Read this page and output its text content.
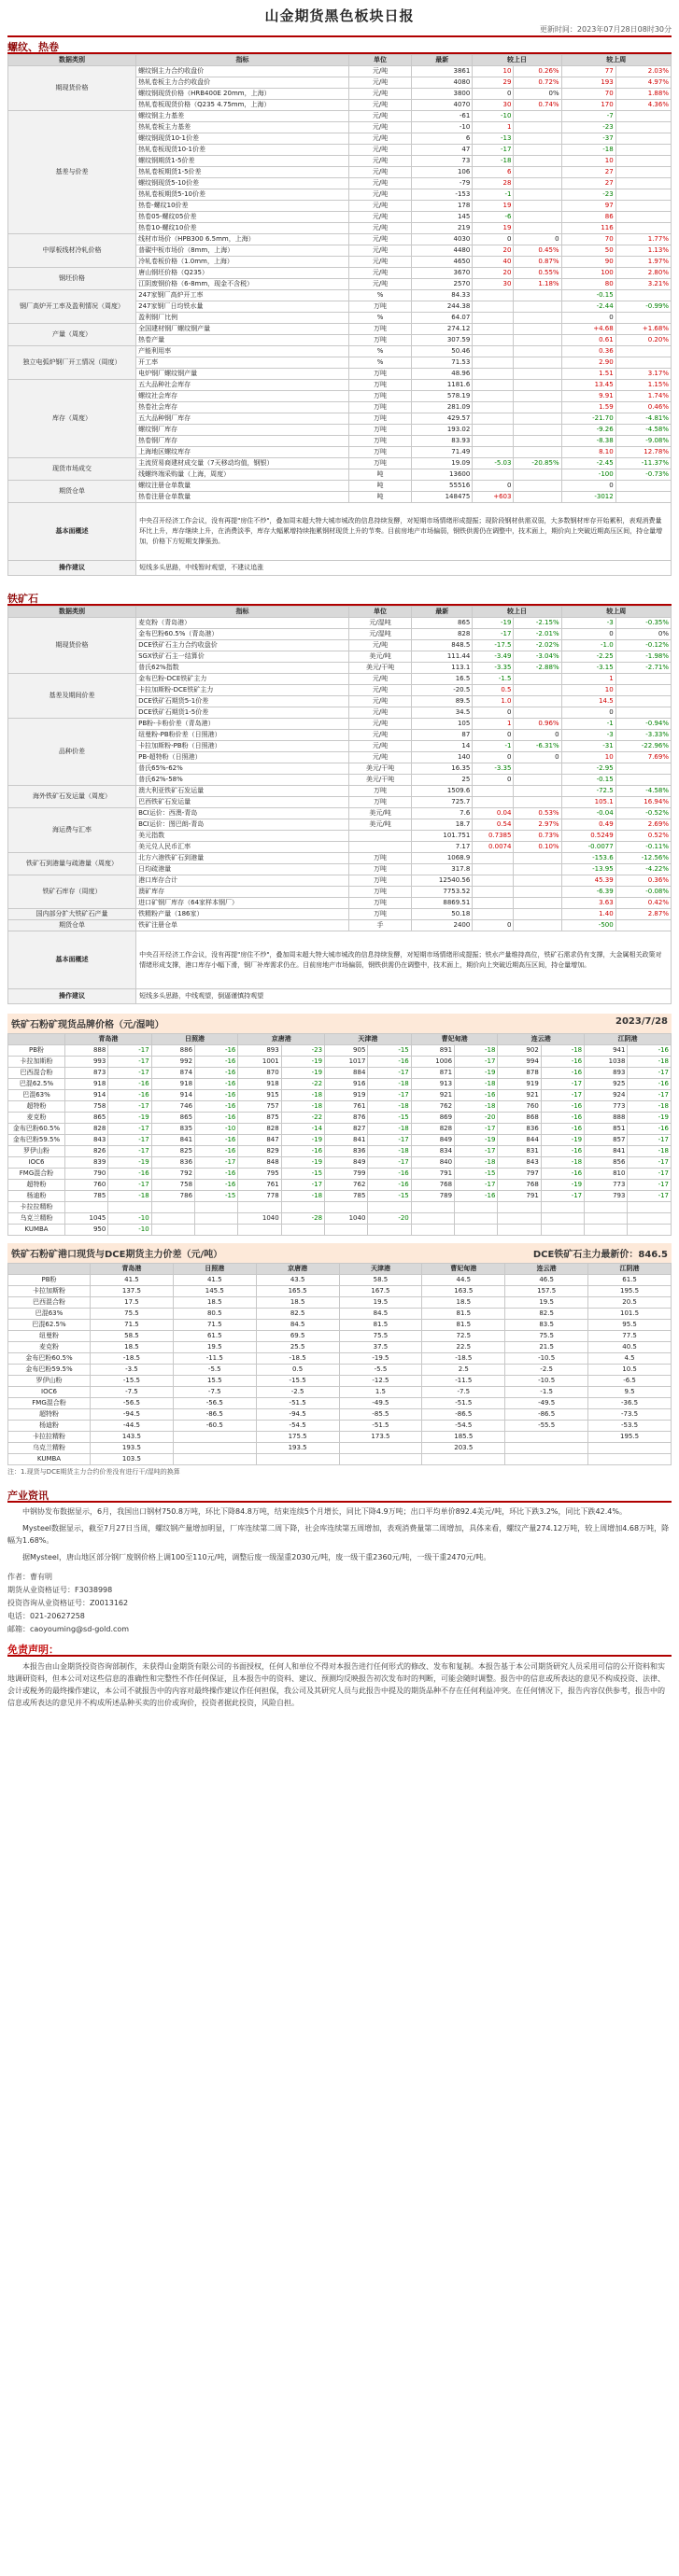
山金期货黑色板块日报
更新时间：2023年07月28日08时30分
螺纹、热卷
数据类别	指标	单位	最新	较上日		较上周	
期现货价格	螺纹钢主力合约收盘价	元/吨	3861	10	0.26%	77	2.03%
	热轧卷板主力合约收盘价	元/吨	4080	29	0.72%	193	4.97%
	螺纹钢现货价格（HRB400E 20mm，上海）	元/吨	3800	0	0%	70	1.88%
	热轧卷板现货价格（Q235 4.75mm，上海）	元/吨	4070	30	0.74%	170	4.36%
基差与价差	螺纹钢主力基差	元/吨	-61	-10		-7	
	热轧卷板主力基差	元/吨	-10	1		-23	
	螺纹钢现货10-1价差	元/吨	6	-13		-37	
	热轧卷板现货10-1价差	元/吨	47	-17		-18	
	螺纹钢期货1-5价差	元/吨	73	-18		10	
	热轧卷板期货1-5价差	元/吨	106	6		27	
	螺纹钢现货5-10价差	元/吨	-79	28		27	
	热轧卷板期货5-10价差	元/吨	-153	-1		-23	
	热卷-螺纹10价差	元/吨	178	19		97	
	热卷05-螺纹05价差	元/吨	145	-6		86	
	热卷10-螺纹10价差	元/吨	219	19		116	
中厚板线材冷轧价格	线材市场价（HPB300 6.5mm，上海）	元/吨	4030	0	0	70	1.77%
	普碳中板市场价（8mm，上海）	元/吨	4480	20	0.45%	50	1.13%
	冷轧卷板价格（1.0mm，上海）	元/吨	4650	40	0.87%	90	1.97%
钢坯价格	唐山钢坯价格（Q235）	元/吨	3670	20	0.55%	100	2.80%
	江阴废钢价格（6-8mm，现金不含税）	元/吨	2570	30	1.18%	80	3.21%
钢厂高炉开工率及盈利情况（周度）	247家钢厂高炉开工率	%	84.33			-0.15	
	247家钢厂日均铁水量	万吨	244.38			-2.44	-0.99%
	盈利钢厂比例	%	64.07			0	
产量（周度）	全国建材钢厂螺纹钢产量	万吨	274.12			+4.68	+1.68%
	热卷产量	万吨	307.59			0.61	0.20%
独立电弧炉钢厂开工情况（周度）	产能利用率	%	50.46			0.36	
	开工率	%	71.53			2.90	
	电炉钢厂螺纹钢产量	万吨	48.96			1.51	3.17%
库存（周度）	五大品种社会库存	万吨	1181.6			13.45	1.15%
	螺纹社会库存	万吨	578.19			9.91	1.74%
	热卷社会库存	万吨	281.09			1.59	0.46%
	五大品种钢厂库存	万吨	429.57			-21.70	-4.81%
	螺纹钢厂库存	万吨	193.02			-9.26	-4.58%
	热卷钢厂库存	万吨	83.93			-8.38	-9.08%
	上海地区螺纹库存	万吨	71.49			8.10	12.78%
现货市场成交	主流贸易商建材成交量（7天移动均值，钢银）	万吨	19.09	-5.03	-20.85%	-2.45	-11.37%
	线螺终端采购量（上海，周度）	吨	13600			-100	-0.73%
期货仓单	螺纹注册仓单数量	吨	55516	0		0	
	热卷注册仓单数量	吨	148475	+603		-3012	
基本面概述	中央召开经济工作会议，没有再提"房住不炒"，叠加周末超大特大城市城改的信息持续发酵，对短期市场情绪形成提振；现阶段钢材供需双弱，大多数钢材库存开始累积，表观消费量环比上升，库存继续上升，在消费淡季，库存大幅累增持续拖累钢材现货上升的节奏。目前房地产市场偏弱，钢铁供需仍在调整中，技术面上，期价向上突破近期高压区间，持仓量增加，价格下方短期支撑强劲。						
操作建议	短线多头思路，中线暂时观望，不建议追涨						
铁矿石
数据类别	指标	单位	最新	较上日		较上周	
期现货价格	麦克粉（青岛港）	元/湿吨	865	-19	-2.15%	-3	-0.35%
	金布巴粉60.5%（青岛港）	元/湿吨	828	-17	-2.01%	0	0%
	DCE铁矿石主力合约收盘价	元/吨	848.5	-17.5	-2.02%	-1.0	-0.12%
	SGX铁矿石主一结算价	美元/吨	111.44	-3.49	-3.04%	-2.25	-1.98%
	普氏62%指数	美元/干吨	113.1	-3.35	-2.88%	-3.15	-2.71%
基差及期间价差	金布巴粉-DCE铁矿主力	元/吨	16.5	-1.5		1	
	卡拉加斯粉-DCE铁矿主力	元/吨	-20.5	0.5		10	
	DCE铁矿石期货5-1价差	元/吨	89.5	1.0		14.5	
	DCE铁矿石期货1-5价差	元/吨	34.5	0		0	
品种价差	PB粉-卡粉价差（青岛港）	元/吨	105	1	0.96%	-1	-0.94%
	纽曼粉-PB粉价差（日照港）	元/吨	87	0	0	-3	-3.33%
	卡拉加斯粉-PB粉（日照港）	元/吨	14	-1	-6.31%	-31	-22.96%
	PB-超特粉（日照港）	元/吨	140	0	0	10	7.69%
	普氏65%-62%	美元/干吨	16.35	-3.35		-2.95	
	普氏62%-58%	美元/干吨	25	0		-0.15	
海外铁矿石发运量（周度）	澳大利亚铁矿石发运量	万吨	1509.6			-72.5	-4.58%
	巴西铁矿石发运量	万吨	725.7			105.1	16.94%
海运费与汇率	BCI运价：西澳-青岛	美元/吨	7.6	0.04	0.53%	-0.04	-0.52%
	BCI运价：图巴朗-青岛	美元/吨	18.7	0.54	2.97%	0.49	2.69%
	美元指数		101.751	0.7385	0.73%	0.5249	0.52%
	美元兑人民币汇率		7.17	0.0074	0.10%	-0.0077	-0.11%
铁矿石到港量与疏港量（周度）	北方六港铁矿石到港量	万吨	1068.9			-153.6	-12.56%
	日均疏港量	万吨	317.8			-13.95	-4.22%
铁矿石库存（周度）	港口库存合计	万吨	12540.56			45.39	0.36%
	澳矿库存	万吨	7753.52			-6.39	-0.08%
	进口矿钢厂库存（64家样本钢厂）	万吨	8869.51			3.63	0.42%
国内部分扩大铁矿石产量	铁精粉产量（186家）	万吨	50.18			1.40	2.87%
期货仓单	铁矿注册仓单	手	2400	0		-500	
基本面概述	中央召开经济工作会议，没有再提"房住不炒"，叠加周末超大特大城市城改的信息持续发酵，对短期市场情绪形成提振；铁水产量维持高位，铁矿石需求仍有支撑，大金属相关政策对情绪形成支撑，港口库存小幅下滑，钢厂补库需求仍在。目前房地产市场偏弱，钢铁供需仍在调整中，技术面上，期价向上突破近期高压区间，持仓量增加。						
操作建议	短线多头思路，中线观望，倒逼谨慎持观望						
铁矿石粉矿现货品牌价格（元/湿吨）	2023/7/28
	青岛港		日照港		京唐港		天津港		曹妃甸港		连云港		江阴港	
PB粉	888	-17	886	-16	893	-23	905	-15	891	-18	902	-18	941	-16
卡拉加斯粉	993	-17	992	-16	1001	-19	1017	-16	1006	-17	994	-16	1038	-18
巴西混合粉	873	-17	874	-16	870	-19	884	-17	871	-19	878	-16	893	-17
巴混62.5%	918	-16	918	-16	918	-22	916	-18	913	-18	919	-17	925	-16
巴混63%	914	-16	914	-16	915	-18	919	-17	921	-16	921	-17	924	-17
超特粉	758	-17	746	-16	757	-18	761	-18	762	-18	760	-16	773	-18
麦克粉	865	-19	865	-16	875	-22	876	-15	869	-20	868	-16	888	-19
金布巴粉60.5%	828	-17	835	-10	828	-14	827	-18	828	-17	836	-16	851	-16
金布巴粉59.5%	843	-17	841	-16	847	-19	841	-17	849	-19	844	-19	857	-17
罗伊山粉	826	-17	825	-16	829	-16	836	-18	834	-17	831	-16	841	-18
IOC6	839	-19	836	-17	848	-19	849	-17	840	-18	843	-18	856	-17
FMG混合粉	790	-16	792	-16	795	-15	799	-16	791	-15	797	-16	810	-17
超特粉	760	-17	758	-16	761	-17	762	-16	768	-17	768	-19	773	-17
杨迪粉	785	-18	786	-15	778	-18	785	-15	789	-16	791	-17	793	-17
卡拉拉精粉														
乌克兰精粉	1045	-10			1040	-28	1040	-20						
KUMBA	950	-10												
铁矿石粉矿港口现货与DCE期货主力价差（元/吨）	DCE铁矿石主力最新价：846.5
	青岛港	日照港	京唐港	天津港	曹妃甸港	连云港	江阴港
PB粉	41.5	41.5	43.5	58.5	44.5	46.5	61.5
卡拉加斯粉	137.5	145.5	165.5	167.5	163.5	157.5	195.5
巴西混合粉	17.5	18.5	18.5	19.5	18.5	19.5	20.5
巴混63%	75.5	80.5	82.5	84.5	81.5	82.5	101.5
巴混62.5%	71.5	71.5	84.5	81.5	81.5	83.5	95.5
纽曼粉	58.5	61.5	69.5	75.5	72.5	75.5	77.5
麦克粉	18.5	19.5	25.5	37.5	22.5	21.5	40.5
金布巴粉60.5%	-18.5	-11.5	-18.5	-19.5	-18.5	-10.5	4.5
金布巴粉59.5%	-3.5	-5.5	0.5	-5.5	2.5	-2.5	10.5
罗伊山粉	-15.5	15.5	-15.5	-12.5	-11.5	-10.5	-6.5
IOC6	-7.5	-7.5	-2.5	1.5	-7.5	-1.5	9.5
FMG混合粉	-56.5	-56.5	-51.5	-49.5	-51.5	-49.5	-36.5
超特粉	-94.5	-86.5	-94.5	-85.5	-86.5	-86.5	-73.5
杨迪粉	-44.5	-60.5	-54.5	-51.5	-54.5	-55.5	-53.5
卡拉拉精粉	143.5		175.5	173.5	185.5		195.5
乌克兰精粉	193.5		193.5		203.5		
KUMBA	103.5						
注：1.现货与DCE期货主力合约价差没有进行干/湿吨的换算
产业资讯

中钢协发布数据显示，6月，我国出口钢材750.8万吨，环比下降84.8万吨，结束连续5个月增长，同比下降4.9万吨；出口平均单价892.4美元/吨，环比下跌3.2%，同比下跌42.4%。

Mysteel数据显示，截至7月27日当周，螺纹钢产量增加明显，厂库连续第二周下降，社会库连续第五周增加，表观消费量第二周增加，具体来看，螺纹产量274.12万吨，较上周增加4.68万吨，降幅为1.68%。

据Mysteel，唐山地区部分钢厂废钢价格上调100至110元/吨，调整后废一级湿重2030元/吨，废一级干重2360元/吨，一级干重2470元/吨。

作者：曹有明

期货从业资格证号：F3038998

投资咨询从业资格证号：Z0013162

电话：021-20627258

邮箱：caoyouming@sd-gold.com

免责声明：
本报告由山金期货投资咨询部制作，未获得山金期货有限公司的书面授权，任何人和单位不得对本报告进行任何形式的修改、发布和复制。本报告基于本公司期货研究人员采用可信的公开资料和实地调研资料，但本公司对这些信息的准确性和完整性不作任何保证，且本报告中的资料、建议、预测均反映报告初次发布时的判断，可能会随时调整。报告中的信息或所表达的意见不构成投资、法律、会计或税务的最终操作建议，本公司不就报告中的内容对最终操作建议作任何担保，我公司及其研究人员与此报告中提及的期货品种不存在任何利益冲突。在任何情况下，报告内容仅供参考，报告中的信息或所表达的意见并不构成所述品种买卖的出价或询价，投资者据此投资，风险自担。
